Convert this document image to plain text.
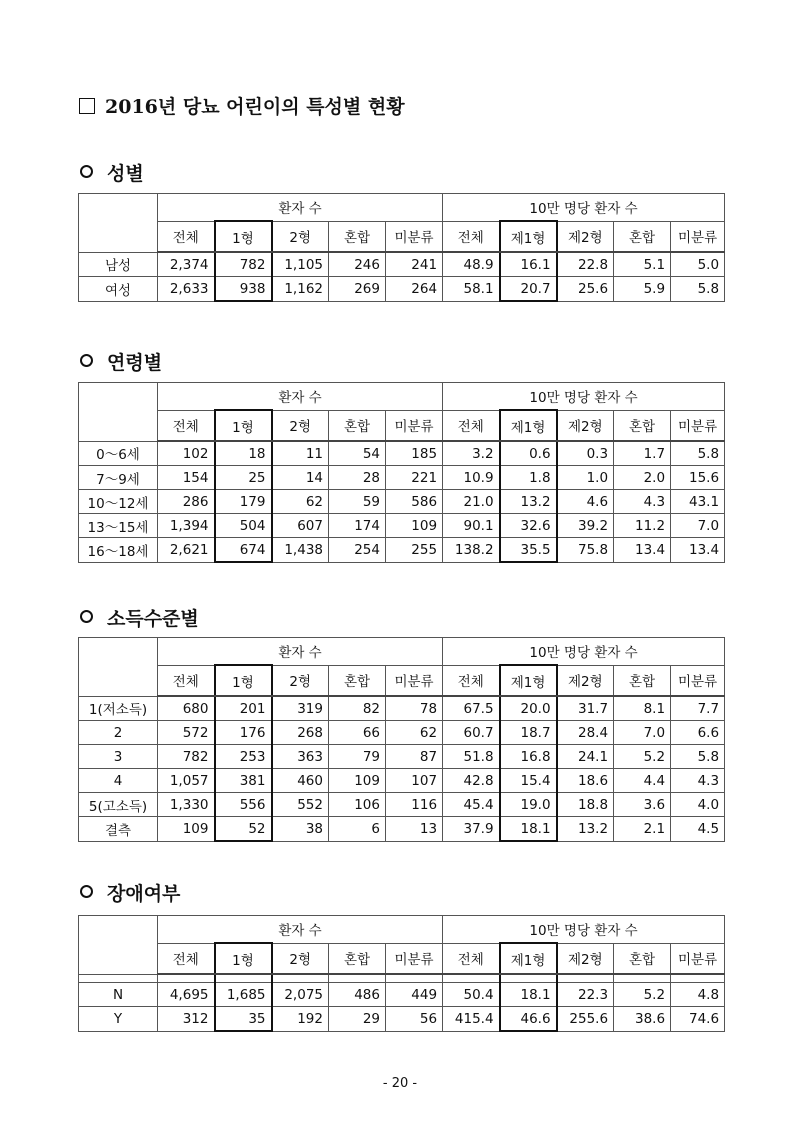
2016년 당뇨 어린이의 특성별 현황
성별
	환자 수					10만 명당 환자 수				
	전체	1형	2형	혼합	미분류	전체	제1형	제2형	혼합	미분류
남성	2,374	782	1,105	246	241	48.9	16.1	22.8	5.1	5.0
여성	2,633	938	1,162	269	264	58.1	20.7	25.6	5.9	5.8
연령별
	환자 수					10만 명당 환자 수				
	전체	1형	2형	혼합	미분류	전체	제1형	제2형	혼합	미분류
0～6세	102	18	11	54	185	3.2	0.6	0.3	1.7	5.8
7～9세	154	25	14	28	221	10.9	1.8	1.0	2.0	15.6
10～12세	286	179	62	59	586	21.0	13.2	4.6	4.3	43.1
13～15세	1,394	504	607	174	109	90.1	32.6	39.2	11.2	7.0
16～18세	2,621	674	1,438	254	255	138.2	35.5	75.8	13.4	13.4
소득수준별
	환자 수					10만 명당 환자 수				
	전체	1형	2형	혼합	미분류	전체	제1형	제2형	혼합	미분류
1(저소득)	680	201	319	82	78	67.5	20.0	31.7	8.1	7.7
2	572	176	268	66	62	60.7	18.7	28.4	7.0	6.6
3	782	253	363	79	87	51.8	16.8	24.1	5.2	5.8
4	1,057	381	460	109	107	42.8	15.4	18.6	4.4	4.3
5(고소득)	1,330	556	552	106	116	45.4	19.0	18.8	3.6	4.0
결측	109	52	38	6	13	37.9	18.1	13.2	2.1	4.5
장애여부
	환자 수					10만 명당 환자 수				
	전체	1형	2형	혼합	미분류	전체	제1형	제2형	혼합	미분류

N	4,695	1,685	2,075	486	449	50.4	18.1	22.3	5.2	4.8
Y	312	35	192	29	56	415.4	46.6	255.6	38.6	74.6
- 20 -
